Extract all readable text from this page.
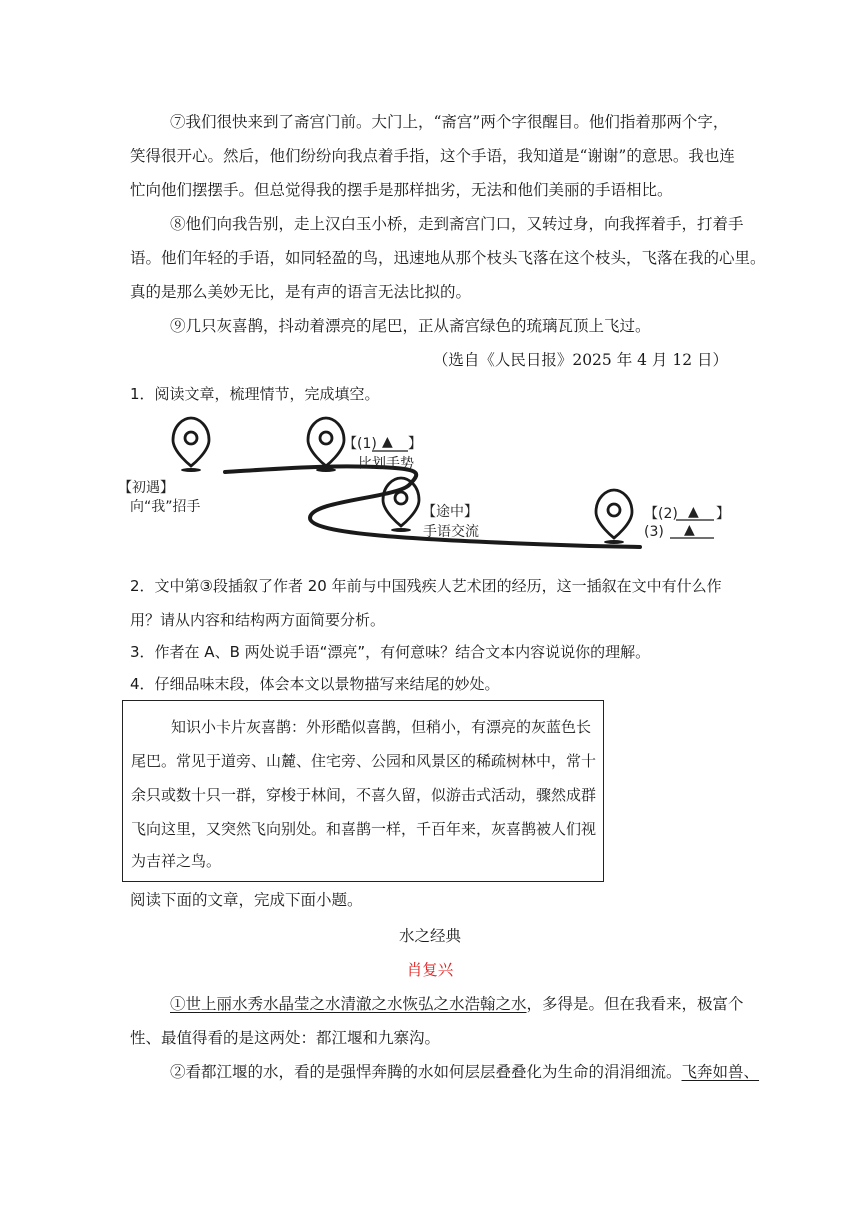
⑦我们很快来到了斋宫门前。大门上，“斋宫”两个字很醒目。他们指着那两个字，
笑得很开心。然后，他们纷纷向我点着手指，这个手语，我知道是“谢谢”的意思。我也连
忙向他们摆摆手。但总觉得我的摆手是那样拙劣，无法和他们美丽的手语相比。
⑧他们向我告别，走上汉白玉小桥，走到斋宫门口，又转过身，向我挥着手，打着手
语。他们年轻的手语，如同轻盈的鸟，迅速地从那个枝头飞落在这个枝头，飞落在我的心里。
真的是那么美妙无比，是有声的语言无法比拟的。
⑨几只灰喜鹊，抖动着漂亮的尾巴，正从斋宫绿色的琉璃瓦顶上飞过。
（选自《人民日报》2025 年 4 月 12 日）
1．阅读文章，梳理情节，完成填空。
【初遇】
向“我”招手
【(1) ▲ 】
比划手势
【途中】
手语交流
【(2) ▲ 】
(3) ▲
2．文中第③段插叙了作者 20 年前与中国残疾人艺术团的经历，这一插叙在文中有什么作
用？请从内容和结构两方面简要分析。
3．作者在 A、B 两处说手语“漂亮”，有何意味？结合文本内容说说你的理解。
4．仔细品味末段，体会本文以景物描写来结尾的妙处。
知识小卡片灰喜鹊：外形酷似喜鹊，但稍小，有漂亮的灰蓝色长
尾巴。常见于道旁、山麓、住宅旁、公园和风景区的稀疏树林中，常十
余只或数十只一群，穿梭于林间，不喜久留，似游击式活动，骤然成群
飞向这里，又突然飞向别处。和喜鹊一样，千百年来，灰喜鹊被人们视
为吉祥之鸟。
阅读下面的文章，完成下面小题。
水之经典
肖复兴
①世上丽水秀水晶莹之水清澈之水恢弘之水浩翰之水，多得是。但在我看来，极富个
性、最值得看的是这两处：都江堰和九寨沟。
②看都江堰的水，看的是强悍奔腾的水如何层层叠叠化为生命的涓涓细流。飞奔如兽、
